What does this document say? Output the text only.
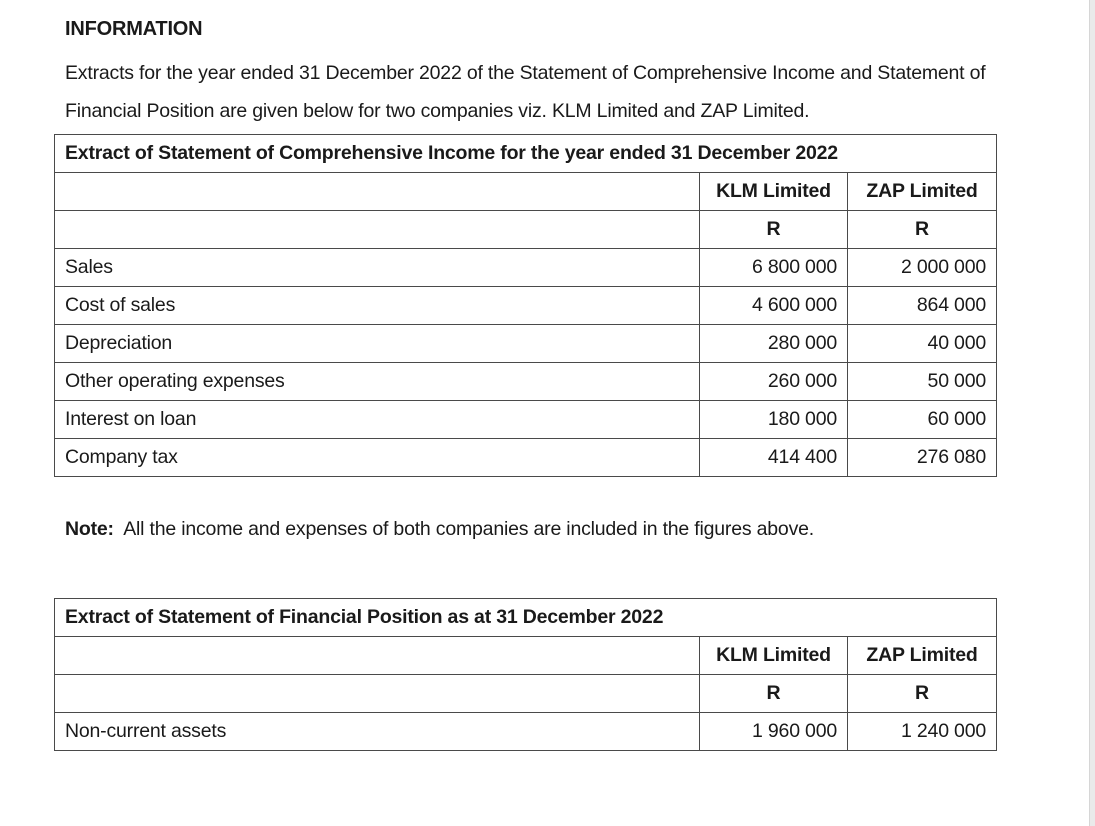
INFORMATION
Extracts for the year ended 31 December 2022 of the Statement of Comprehensive Income and Statement of Financial Position are given below for two companies viz. KLM Limited and ZAP Limited.
Extract of Statement of Comprehensive Income for the year ended 31 December 2022		
	KLM Limited	ZAP Limited
	R	R
Sales	6 800 000	2 000 000
Cost of sales	4 600 000	864 000
Depreciation	280 000	40 000
Other operating expenses	260 000	50 000
Interest on loan	180 000	60 000
Company tax	414 400	276 080
Note: All the income and expenses of both companies are included in the figures above.
Extract of Statement of Financial Position as at 31 December 2022		
	KLM Limited	ZAP Limited
	R	R
Non-current assets	1 960 000	1 240 000
